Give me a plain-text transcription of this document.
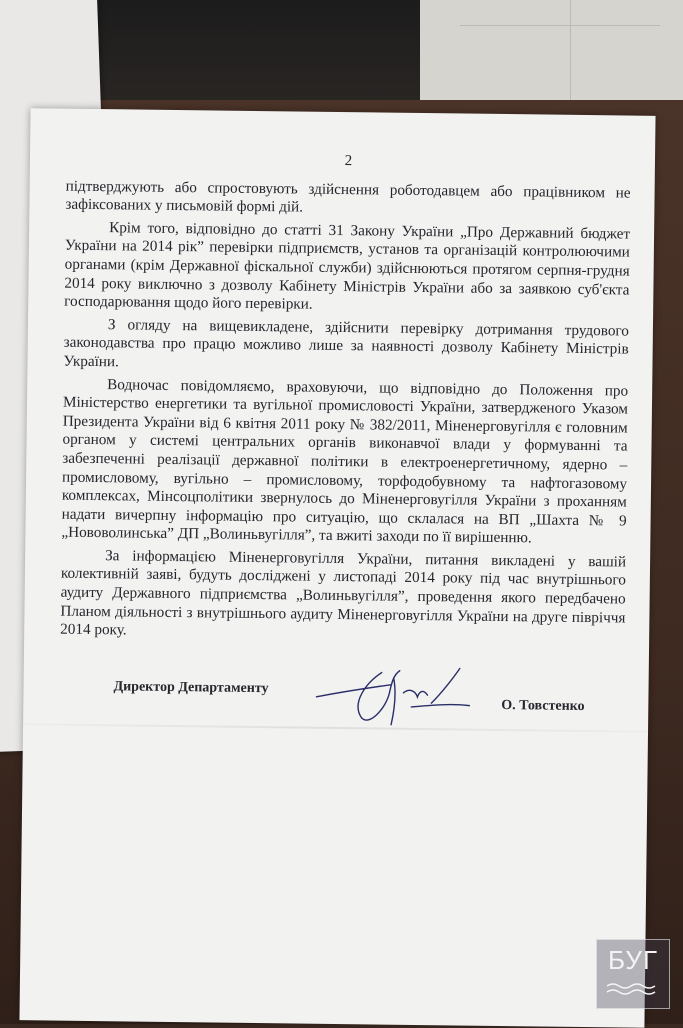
2

підтверджують або спростовують здійснення роботодавцем або працівником не зафіксованих у письмовій формі дій.

Крім того, відповідно до статті 31 Закону України „Про Державний бюджет України на 2014 рік” перевірки підприємств, установ та організацій контролюючими органами (крім Державної фіскальної служби) здійснюються протягом серпня-грудня 2014 року виключно з дозволу Кабінету Міністрів України або за заявкою суб'єкта господарювання щодо його перевірки.

З огляду на вищевикладене, здійснити перевірку дотримання трудового законодавства про працю можливо лише за наявності дозволу Кабінету Міністрів України.

Водночас повідомляємо, враховуючи, що відповідно до Положення про Міністерство енергетики та вугільної промисловості України, затвердженого Указом Президента України від 6 квітня 2011 року № 382/2011, Міненерговугілля є головним органом у системі центральних органів виконавчої влади у формуванні та забезпеченні реалізації державної політики в електроенергетичному, ядерно – промисловому, вугільно – промисловому, торфодобувному та нафтогазовому комплексах, Мінсоцполітики звернулось до Міненерговугілля України з проханням надати вичерпну інформацію про ситуацію, що склалася на ВП „Шахта № 9 „Нововолинська” ДП „Волиньвугілля”, та вжиті заходи по її вирішенню.

За інформацією Міненерговугілля України, питання викладені у вашій колективній заяві, будуть досліджені у листопаді 2014 року під час внутрішнього аудиту Державного підприємства „Волиньвугілля”, проведення якого передбачено Планом діяльності з внутрішнього аудиту Міненерговугілля України на друге півріччя 2014 року.

Директор Департаменту
О. Товстенко
БУГ
